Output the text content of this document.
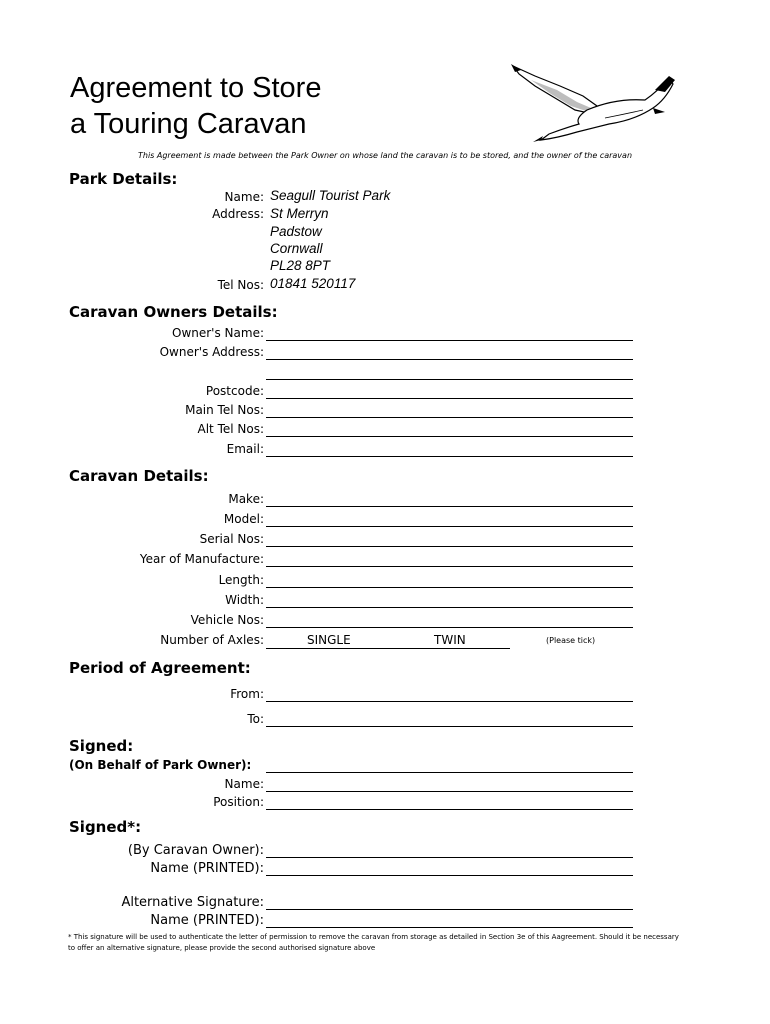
Agreement to Store
a Touring Caravan
This Agreement is made between the Park Owner on whose land the caravan is to be stored, and the owner of the caravan
Park Details:
Name: Seagull Tourist Park
Address: St Merryn
Padstow
Cornwall
PL28 8PT
Tel Nos: 01841 520117
Caravan Owners Details:
Owner's Name:
Owner's Address:
Postcode:
Main Tel Nos:
Alt Tel Nos:
Email:
Caravan Details:
Make:
Model:
Serial Nos:
Year of Manufacture:
Length:
Width:
Vehicle Nos:
Number of Axles:	SINGLE	TWIN	(Please tick)
Period of Agreement:
From:
To:
Signed:
(On Behalf of Park Owner):
Name:
Position:
Signed*:
(By Caravan Owner):
Name (PRINTED):
Alternative Signature:
Name (PRINTED):
* This signature will be used to authenticate the letter of permission to remove the caravan from storage as detailed in Section 3e of this Aagreement. Should it be necessary to offer an alternative signature, please provide the second authorised signature above
